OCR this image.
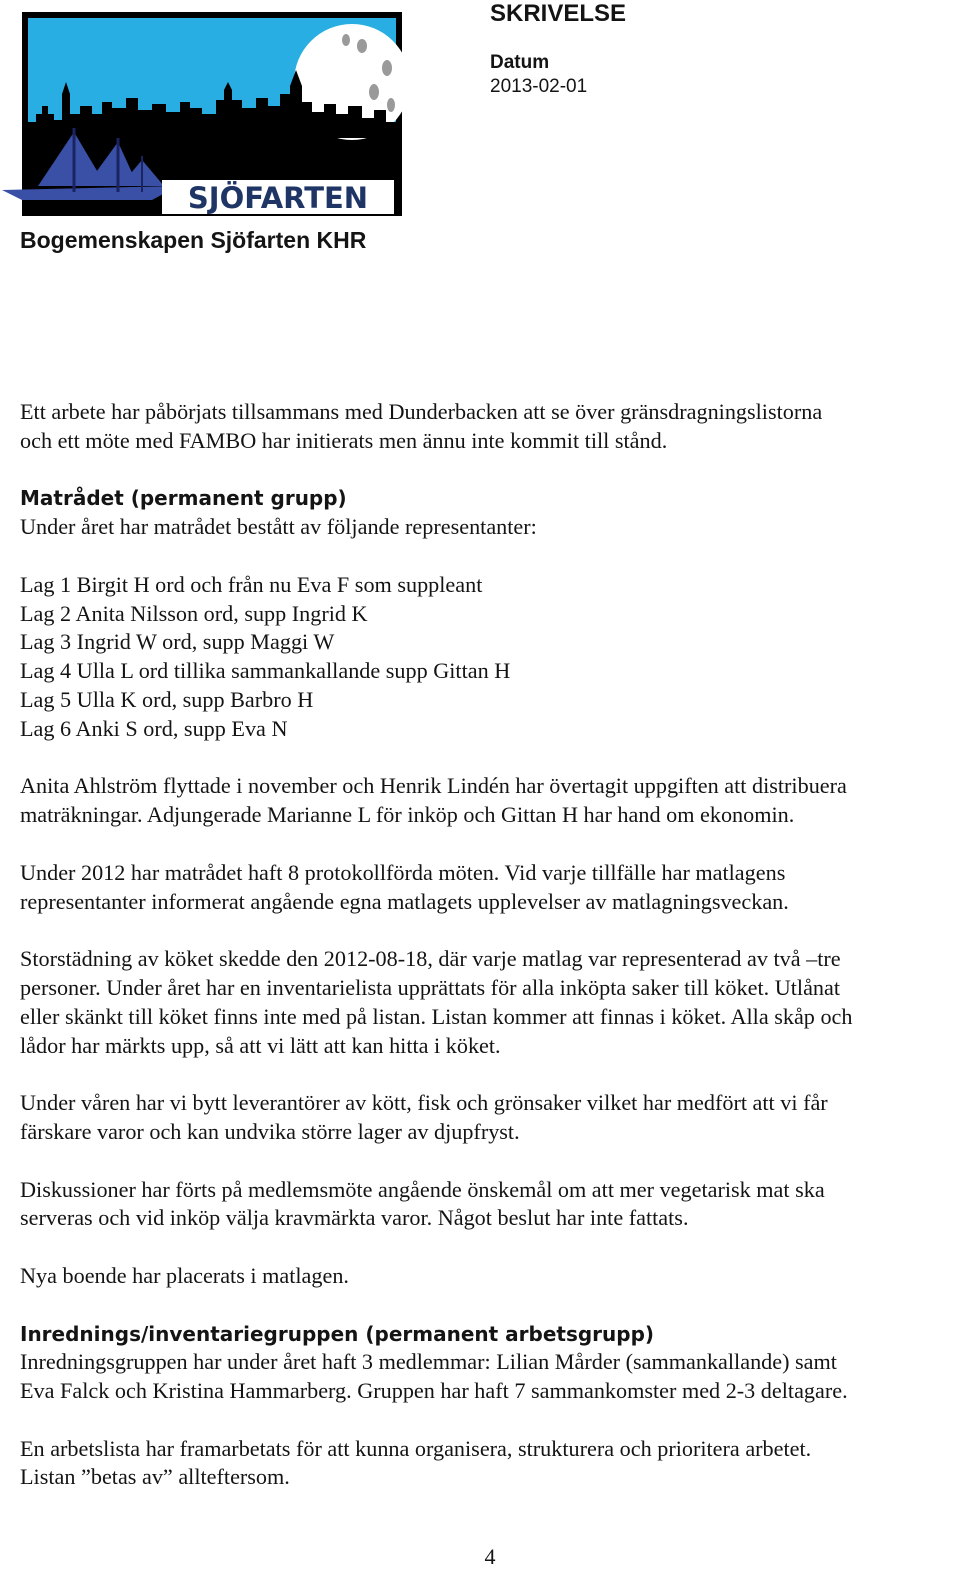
SJÖFARTEN
SKRIVELSE
Datum
2013-02-01
Bogemenskapen Sjöfarten KHR

Ett arbete har påbörjats tillsammans med Dunderbacken att se över gränsdragningslistorna
och ett möte med FAMBO har initierats men ännu inte kommit till stånd.

Matrådet (permanent grupp)
Under året har matrådet bestått av följande representanter:

Lag 1 Birgit H ord och från nu Eva F som suppleant
Lag 2 Anita Nilsson ord, supp Ingrid K
Lag 3 Ingrid W ord, supp Maggi W
Lag 4 Ulla L ord tillika sammankallande supp Gittan H
Lag 5 Ulla K ord, supp Barbro H
Lag 6 Anki S ord, supp Eva N

Anita Ahlström flyttade i november och Henrik Lindén har övertagit uppgiften att distribuera
maträkningar. Adjungerade Marianne L för inköp och Gittan H har hand om ekonomin.

Under 2012 har matrådet haft 8 protokollförda möten. Vid varje tillfälle har matlagens
representanter informerat angående egna matlagets upplevelser av matlagningsveckan.

Storstädning av köket skedde den 2012-08-18, där varje matlag var representerad av två –tre
personer. Under året har en inventarielista upprättats för alla inköpta saker till köket. Utlånat
eller skänkt till köket finns inte med på listan. Listan kommer att finnas i köket. Alla skåp och
lådor har märkts upp, så att vi lätt att kan hitta i köket.

Under våren har vi bytt leverantörer av kött, fisk och grönsaker vilket har medfört att vi får
färskare varor och kan undvika större lager av djupfryst.

Diskussioner har förts på medlemsmöte angående önskemål om att mer vegetarisk mat ska
serveras och vid inköp välja kravmärkta varor. Något beslut har inte fattats.

Nya boende har placerats i matlagen.

Inrednings/inventariegruppen (permanent arbetsgrupp)
Inredningsgruppen har under året haft 3 medlemmar: Lilian Mårder (sammankallande) samt
Eva Falck och Kristina Hammarberg. Gruppen har haft 7 sammankomster med 2-3 deltagare.

En arbetslista har framarbetats för att kunna organisera, strukturera och prioritera arbetet.
Listan ”betas av” allteftersom.

4
